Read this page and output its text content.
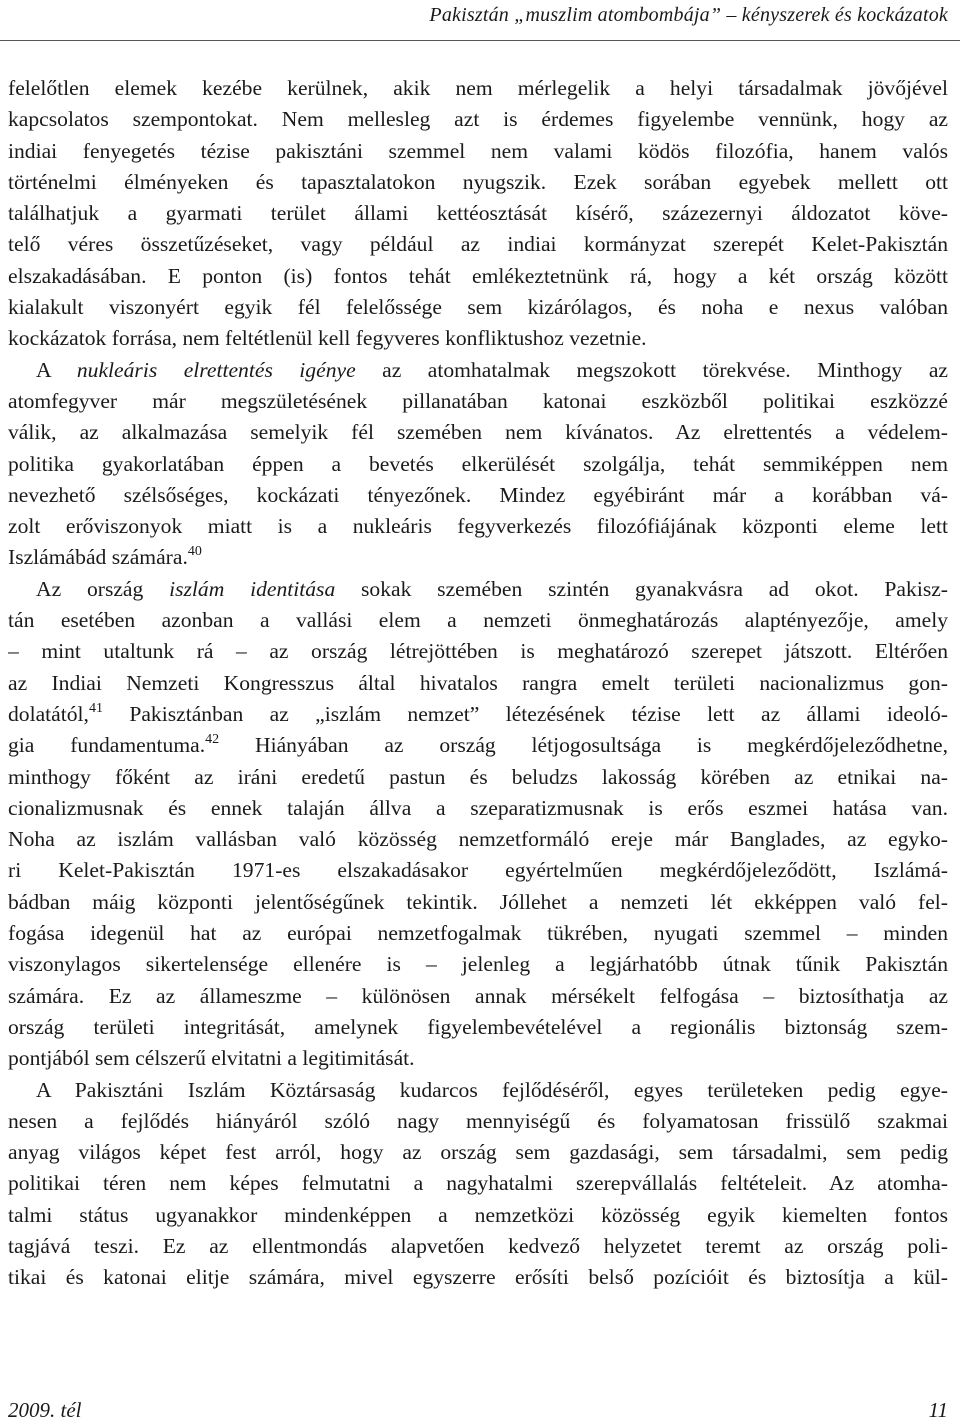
Pakisztán „muszlim atombombája” – kényszerek és kockázatok
felelőtlen elemek kezébe kerülnek, akik nem mérlegelik a helyi társadalmak jövőjével
kapcsolatos szempontokat. Nem mellesleg azt is érdemes figyelembe vennünk, hogy az
indiai fenyegetés tézise pakisztáni szemmel nem valami ködös filozófia, hanem valós
történelmi élményeken és tapasztalatokon nyugszik. Ezek sorában egyebek mellett ott
találhatjuk a gyarmati terület állami kettéosztását kísérő, százezernyi áldozatot köve-
telő véres összetűzéseket, vagy például az indiai kormányzat szerepét Kelet-Pakisztán
elszakadásában. E ponton (is) fontos tehát emlékeztetnünk rá, hogy a két ország között
kialakult viszonyért egyik fél felelőssége sem kizárólagos, és noha e nexus valóban
kockázatok forrása, nem feltétlenül kell fegyveres konfliktushoz vezetnie.
A nukleáris elrettentés igénye az atomhatalmak megszokott törekvése. Minthogy az
atomfegyver már megszületésének pillanatában katonai eszközből politikai eszközzé
válik, az alkalmazása semelyik fél szemében nem kívánatos. Az elrettentés a védelem-
politika gyakorlatában éppen a bevetés elkerülését szolgálja, tehát semmiképpen nem
nevezhető szélsőséges, kockázati tényezőnek. Mindez egyébiránt már a korábban vá-
zolt erőviszonyok miatt is a nukleáris fegyverkezés filozófiájának központi eleme lett
Iszlámábád számára.$^{40}$
Az ország iszlám identitása sokak szemében szintén gyanakvásra ad okot. Pakisz-
tán esetében azonban a vallási elem a nemzeti önmeghatározás alaptényezője, amely
– mint utaltunk rá – az ország létrejöttében is meghatározó szerepet játszott. Eltérően
az Indiai Nemzeti Kongresszus által hivatalos rangra emelt területi nacionalizmus gon-
dolatától,$^{41}$ Pakisztánban az „iszlám nemzet” létezésének tézise lett az állami ideoló-
gia fundamentuma.$^{42}$ Hiányában az ország létjogosultsága is megkérdőjeleződhetne,
minthogy főként az iráni eredetű pastun és beludzs lakosság körében az etnikai na-
cionalizmusnak és ennek talaján állva a szeparatizmusnak is erős eszmei hatása van.
Noha az iszlám vallásban való közösség nemzetformáló ereje már Banglades, az egyko-
ri Kelet-Pakisztán 1971-es elszakadásakor egyértelműen megkérdőjeleződött, Iszlámá-
bádban máig központi jelentőségűnek tekintik. Jóllehet a nemzeti lét ekképpen való fel-
fogása idegenül hat az európai nemzetfogalmak tükrében, nyugati szemmel – minden
viszonylagos sikertelensége ellenére is – jelenleg a legjárhatóbb útnak tűnik Pakisztán
számára. Ez az állameszme – különösen annak mérsékelt felfogása – biztosíthatja az
ország területi integritását, amelynek figyelembevételével a regionális biztonság szem-
pontjából sem célszerű elvitatni a legitimitását.
A Pakisztáni Iszlám Köztársaság kudarcos fejlődéséről, egyes területeken pedig egye-
nesen a fejlődés hiányáról szóló nagy mennyiségű és folyamatosan frissülő szakmai
anyag világos képet fest arról, hogy az ország sem gazdasági, sem társadalmi, sem pedig
politikai téren nem képes felmutatni a nagyhatalmi szerepvállalás feltételeit. Az atomha-
talmi státus ugyanakkor mindenképpen a nemzetközi közösség egyik kiemelten fontos
tagjává teszi. Ez az ellentmondás alapvetően kedvező helyzetet teremt az ország poli-
tikai és katonai elitje számára, mivel egyszerre erősíti bels​ő pozícióit és biztosítja a kül-
2009. tél	11
